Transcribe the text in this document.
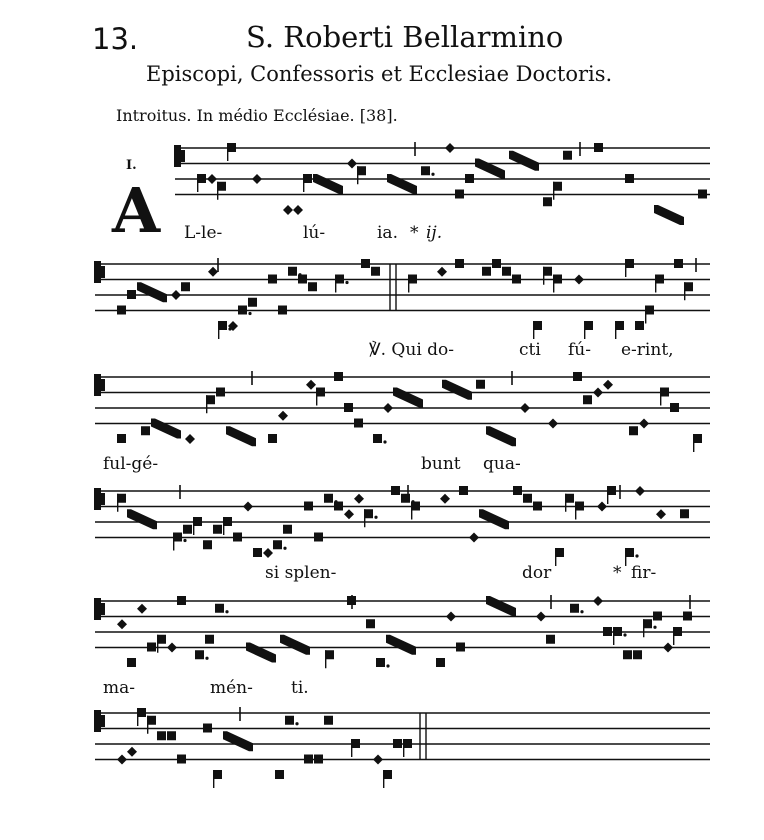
13.	S. Roberti Bellarmino
Episcopi, Confessoris et Ecclesiae Doctoris.
Introitus. In médio Ecclésiae. [38].
I.
A L-le-	lú-	ia. * ij.
℣. Qui do-	cti fú- e-rint,
ful-gé-	bunt qua-
si splen-	dor	* fir-
ma-	mén- ti.
